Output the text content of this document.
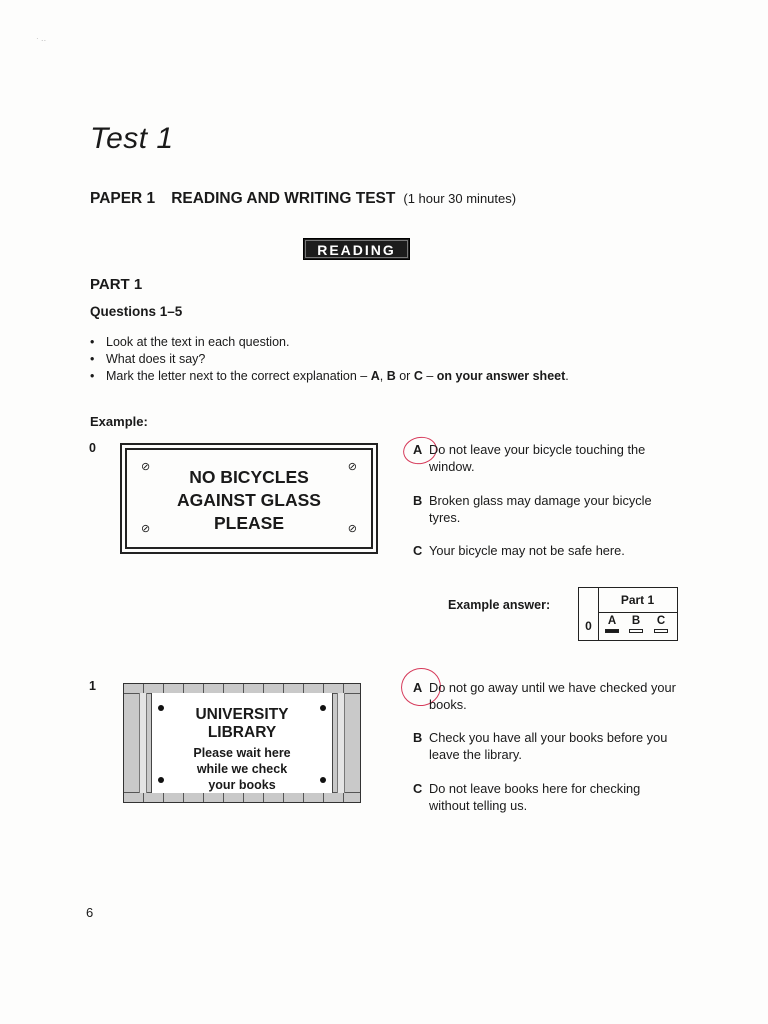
· ‥
Test 1
PAPER 1 READING AND WRITING TEST (1 hour 30 minutes)
READING
PART 1
Questions 1–5
• Look at the text in each question.
• What does it say?
• Mark the letter next to the correct explanation – A, B or C – on your answer sheet.
Example:
0
⊘	⊘
⊘	⊘
NO BICYCLES
AGAINST GLASS
PLEASE
A Do not leave your bicycle touching the window.
B Broken glass may damage your bicycle tyres.
C Your bicycle may not be safe here.
Example answer:	Part 1
0	A	B	C
1
UNIVERSITY
LIBRARY
Please wait here
while we check
your books
A Do not go away until we have checked your books.
B Check you have all your books before you leave the library.
C Do not leave books here for checking without telling us.
6
